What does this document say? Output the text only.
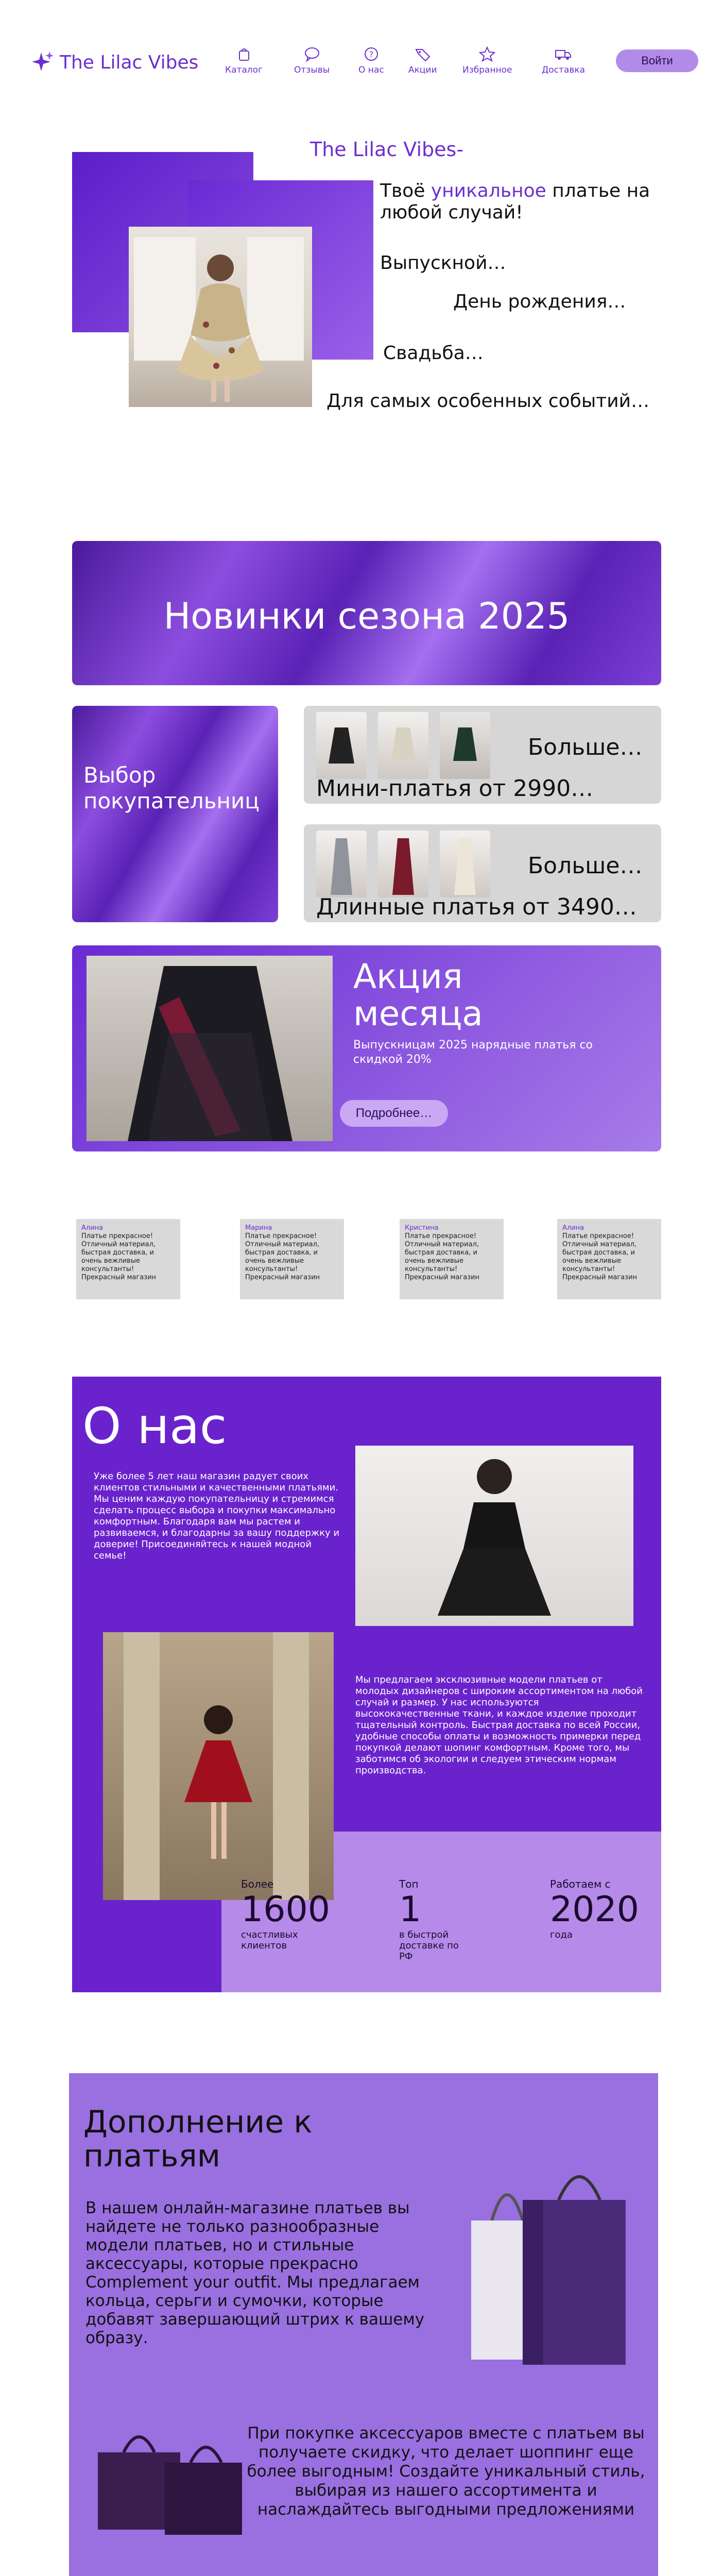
The Lilac Vibes	Каталог	Отзывы
?
О нас	Акции	Избранное	Доставка
Войти
The Lilac Vibes-
Твоё уникальное платье на
любой случай!
Выпускной…
День рождения…
Свадьба…
Для самых особенных событий…
Новинки сезона 2025
Выбор покупательниц
Больше…
Мини-платья от 2990…
Больше…
Длинные платья от 3490…
Акция месяца
Выпускницам 2025 нарядные платья со скидкой 20%
Подробнее…
Алина
Платье прекрасное! Отличный материал, быстрая доставка, и очень вежливые консультанты! Прекрасный магазин
Марина
Платье прекрасное! Отличный материал, быстрая доставка, и очень вежливые консультанты! Прекрасный магазин
Кристина
Платье прекрасное! Отличный материал, быстрая доставка, и очень вежливые консультанты! Прекрасный магазин
Алина
Платье прекрасное! Отличный материал, быстрая доставка, и очень вежливые консультанты! Прекрасный магазин
О нас
Уже более 5 лет наш магазин радует своих клиентов стильными и качественными платьями. Мы ценим каждую покупательницу и стремимся сделать процесс выбора и покупки максимально комфортным. Благодаря вам мы растем и развиваемся, и благодарны за вашу поддержку и доверие! Присоединяйтесь к нашей модной семье!
Мы предлагаем эксклюзивные модели платьев от молодых дизайнеров с широким ассортиментом на любой случай и размер. У нас используются высококачественные ткани, и каждое изделие проходит тщательный контроль. Быстрая доставка по всей России, удобные способы оплаты и возможность примерки перед покупкой делают шопинг комфортным. Кроме того, мы заботимся об экологии и следуем этическим нормам производства.
Более
1600
счастливых клиентов
Топ
1
в быстрой доставке по РФ
Работаем с
2020
года
Дополнение к платьям
В нашем онлайн-магазине платьев вы найдете не только разнообразные модели платьев, но и стильные аксессуары, которые прекрасно Complement your outfit. Мы предлагаем кольца, серьги и сумочки, которые добавят завершающий штрих к вашему образу.
При покупке аксессуаров вместе с платьем вы получаете скидку, что делает шоппинг еще более выгодным! Создайте уникальный стиль, выбирая из нашего ассортимента и наслаждайтесь выгодными предложениями
